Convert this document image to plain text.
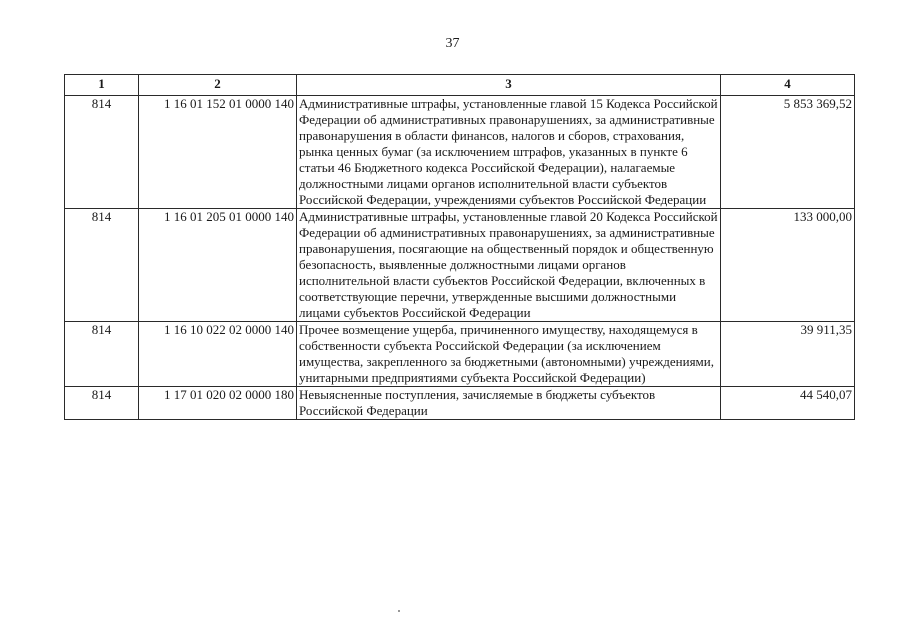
37
1	2	3	4
814	1 16 01 152 01 0000 140	Административные штрафы, установленные главой 15 Кодекса Российской Федерации об административных правонарушениях, за административные правонарушения в области финансов, налогов и сборов, страхования, рынка ценных бумаг (за исключением штрафов, указанных в пункте 6 статьи 46 Бюджетного кодекса Российской Федерации), налагаемые должностными лицами органов исполнительной власти субъектов Российской Федерации, учреждениями субъектов Российской Федерации	5 853 369,52
814	1 16 01 205 01 0000 140	Административные штрафы, установленные главой 20 Кодекса Российской Федерации об административных правонарушениях, за административные правонарушения, посягающие на общественный порядок и общественную безопасность, выявленные должностными лицами органов исполнительной власти субъектов Российской Федерации, включенных в соответствующие перечни, утвержденные высшими должностными лицами субъектов Российской Федерации	133 000,00
814	1 16 10 022 02 0000 140	Прочее возмещение ущерба, причиненного имуществу, находящемуся в собственности субъекта Российской Федерации (за исключением имущества, закрепленного за бюджетными (автономными) учреждениями, унитарными предприятиями субъекта Российской Федерации)	39 911,35
814	1 17 01 020 02 0000 180	Невыясненные поступления, зачисляемые в бюджеты субъектов Российской Федерации	44 540,07
